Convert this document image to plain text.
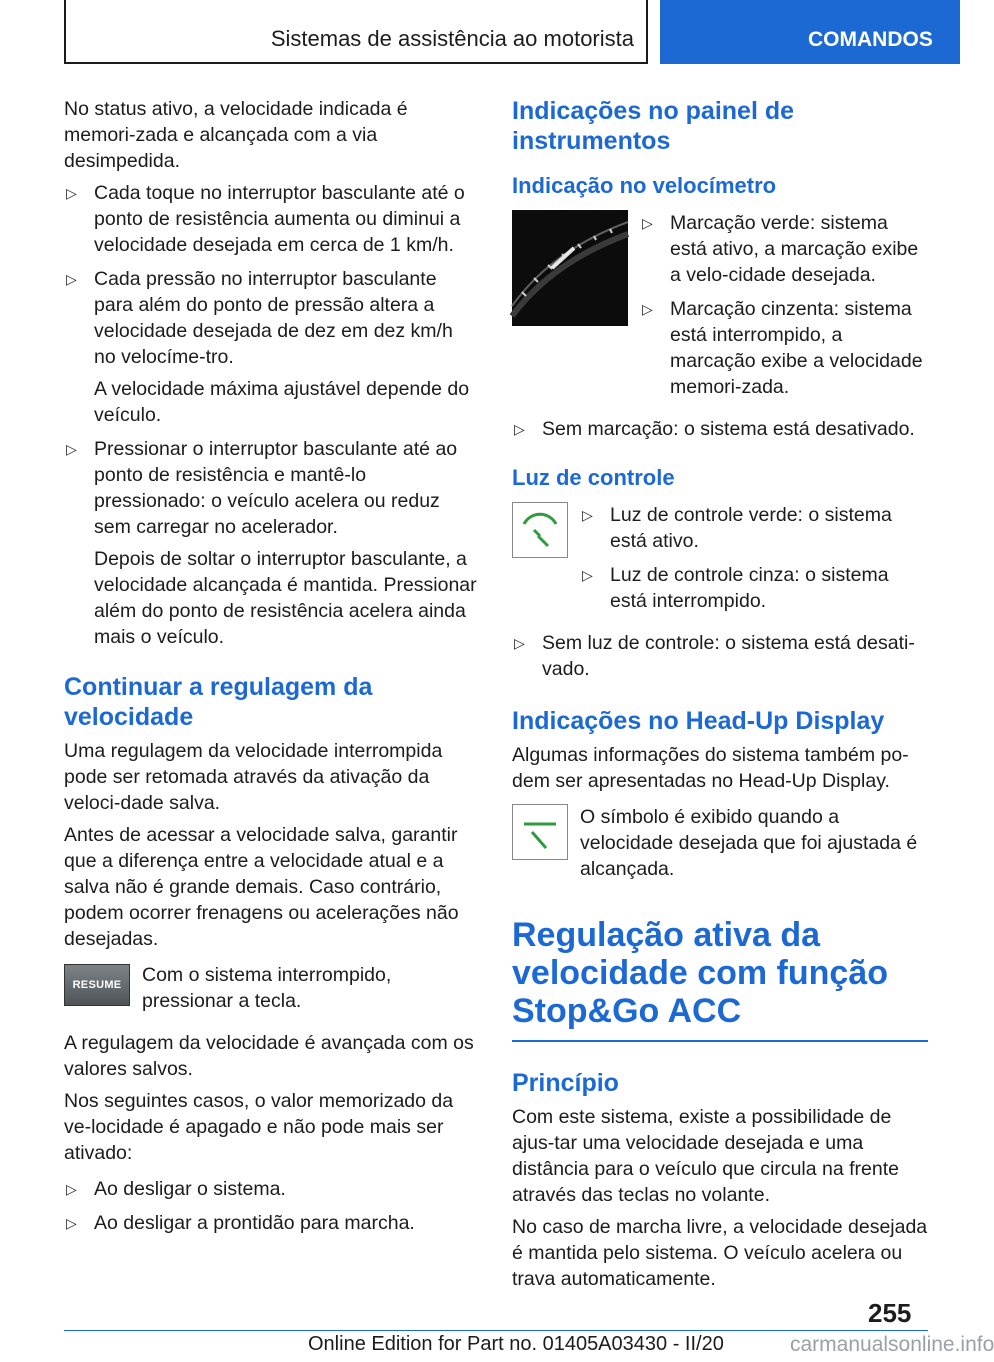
Sistemas de assistência ao motorista	COMANDOS

No status ativo, a velocidade indicada é memori-zada e alcançada com a via desimpedida.

▷ Cada toque no interruptor basculante até o ponto de resistência aumenta ou diminui a velocidade desejada em cerca de 1 km/h.

▷ Cada pressão no interruptor basculante para além do ponto de pressão altera a velocidade desejada de dez em dez km/h no velocíme-tro.

A velocidade máxima ajustável depende do veículo.

▷ Pressionar o interruptor basculante até ao ponto de resistência e mantê-lo pressionado: o veículo acelera ou reduz sem carregar no acelerador.

Depois de soltar o interruptor basculante, a velocidade alcançada é mantida. Pressionar além do ponto de resistência acelera ainda mais o veículo.

Continuar a regulagem da velocidade

Uma regulagem da velocidade interrompida pode ser retomada através da ativação da veloci-dade salva.

Antes de acessar a velocidade salva, garantir que a diferença entre a velocidade atual e a salva não é grande demais. Caso contrário, podem ocorrer frenagens ou acelerações não desejadas.

RESUME	Com o sistema interrompido, pressionar a tecla.

A regulagem da velocidade é avançada com os valores salvos.

Nos seguintes casos, o valor memorizado da ve-locidade é apagado e não pode mais ser ativado:

▷ Ao desligar o sistema.

▷ Ao desligar a prontidão para marcha.

Indicações no painel de instrumentos
Indicação no velocímetro
▷ Marcação verde: sistema está ativo, a marcação exibe a velo-cidade desejada.

▷ Marcação cinzenta: sistema está interrompido, a marcação exibe a velocidade memori-zada.

▷ Sem marcação: o sistema está desativado.

Luz de controle
▷ Luz de controle verde: o sistema está ativo.

▷ Luz de controle cinza: o sistema está interrompido.

▷ Sem luz de controle: o sistema está desati-vado.

Indicações no Head-Up Display

Algumas informações do sistema também po-dem ser apresentadas no Head-Up Display.

O símbolo é exibido quando a velocidade desejada que foi ajustada é alcançada.

Regulação ativa da velocidade com função Stop&Go ACC
Princípio

Com este sistema, existe a possibilidade de ajus-tar uma velocidade desejada e uma distância para o veículo que circula na frente através das teclas no volante.

No caso de marcha livre, a velocidade desejada é mantida pelo sistema. O veículo acelera ou trava automaticamente.

255
Online Edition for Part no. 01405A03430 - II/20	carmanualsonline.info
